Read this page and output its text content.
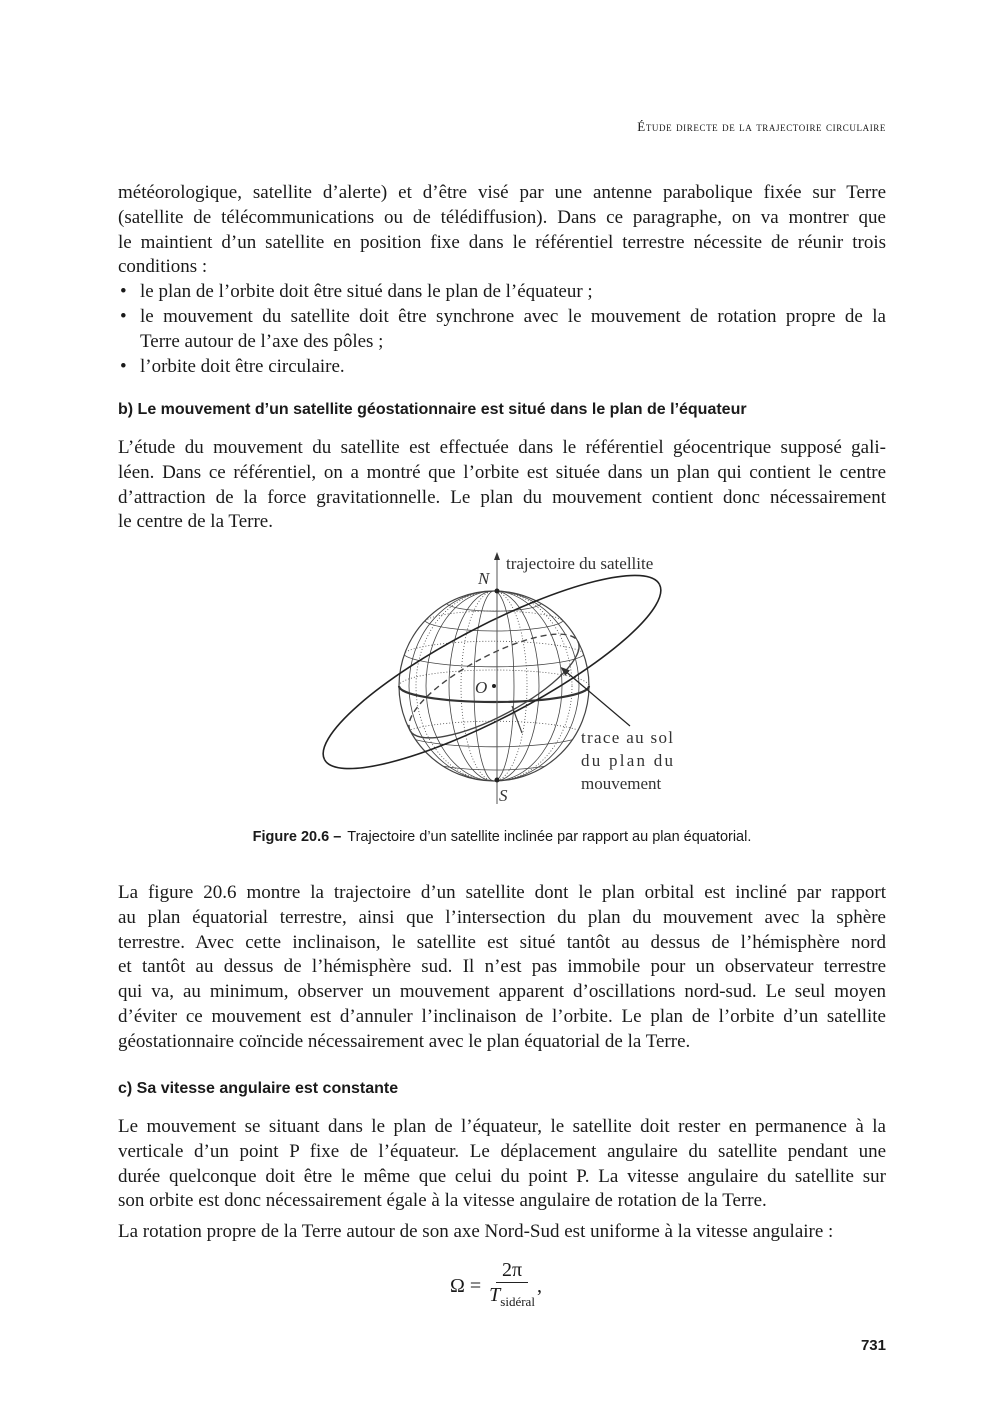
Étude directe de la trajectoire circulaire
météorologique, satellite d’alerte) et d’être visé par une antenne parabolique fixée sur Terre
(satellite de télécommunications ou de télédiffusion). Dans ce paragraphe, on va montrer que
le maintient d’un satellite en position fixe dans le référentiel terrestre nécessite de réunir trois
conditions :
• le plan de l’orbite doit être situé dans le plan de l’équateur ;
• le mouvement du satellite doit être synchrone avec le mouvement de rotation propre de la
Terre autour de l’axe des pôles ;
• l’orbite doit être circulaire.
b) Le mouvement d’un satellite géostationnaire est situé dans le plan de l’équateur
L’étude du mouvement du satellite est effectuée dans le référentiel géocentrique supposé gali-
léen. Dans ce référentiel, on a montré que l’orbite est située dans un plan qui contient le centre
d’attraction de la force gravitationnelle. Le plan du mouvement contient donc nécessairement
le centre de la Terre.
N
O
S
trajectoire du satellite
trace au sol
du plan du
mouvement
Figure 20.6 – Trajectoire d’un satellite inclinée par rapport au plan équatorial.
La figure 20.6 montre la trajectoire d’un satellite dont le plan orbital est incliné par rapport
au plan équatorial terrestre, ainsi que l’intersection du plan du mouvement avec la sphère
terrestre. Avec cette inclinaison, le satellite est situé tantôt au dessus de l’hémisphère nord
et tantôt au dessus de l’hémisphère sud. Il n’est pas immobile pour un observateur terrestre
qui va, au minimum, observer un mouvement apparent d’oscillations nord-sud. Le seul moyen
d’éviter ce mouvement est d’annuler l’inclinaison de l’orbite. Le plan de l’orbite d’un satellite
géostationnaire coïncide nécessairement avec le plan équatorial de la Terre.
c) Sa vitesse angulaire est constante
Le mouvement se situant dans le plan de l’équateur, le satellite doit rester en permanence à la
verticale d’un point P fixe de l’équateur. Le déplacement angulaire du satellite pendant une
durée quelconque doit être le même que celui du point P. La vitesse angulaire du satellite sur
son orbite est donc nécessairement égale à la vitesse angulaire de rotation de la Terre.
La rotation propre de la Terre autour de son axe Nord-Sud est uniforme à la vitesse angulaire :
$\Omega = \frac{2\pi}{T_{sidéral}}$ ,
731
